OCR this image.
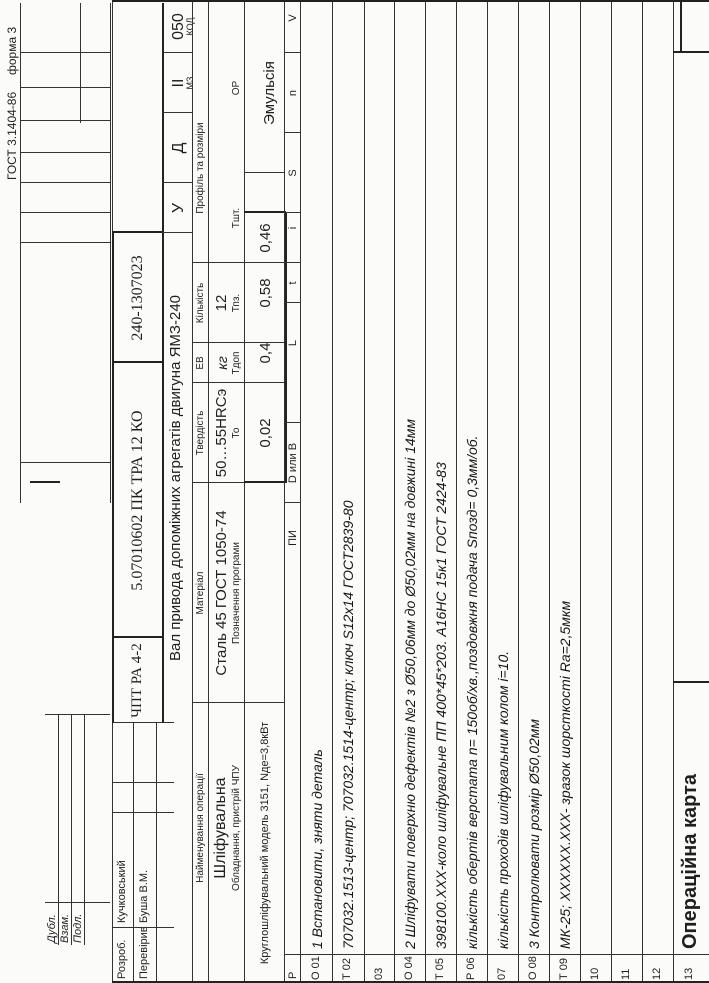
ГОСТ 3.1404-86
форма 3
Дубл. Взам. Подл.
Розроб.
Кучковський
Перевірив
Буша В.М.
5.07010602 ПК ТРА 12 КО
240-1307023
ЧПТ РА 4-2
Вал привода допоміжних агрегатів двигуна ЯМЗ-240
У
Д
II
050
МЗ
КОД
Найменування операції
Матеріал
Твердість
ЕВ
Кількість
Профіль та розміри
Шліфувальна
Сталь 45 ГОСТ 1050-74
50…55HRCэ
кг
12
Обладнання, пристрій ЧПУ
Позначення програми
То
Тдоп
Тпз.
Тшт.
ОР
Круглошліфувальний модель 3151, Nде=3,8кВт
0,02
0,4
0,58
0,46
Эмульсія
Р
ПИ
D или В
L
t
i
S
n
V
О 01
1 Встановити, зняти деталь
Т 02
707032.1513-центр; 707032.1514-центр; ключ S12х14 ГОСТ2839-80
03 О 04
2 Шліфувати поверхню дефектів №2 з Ø50,06мм до Ø50,02мм на довжині 14мм
Т 05
398100.ХХХ-коло шліфувальне ПП 400*45*203. А16НС 15к1 ГОСТ 2424-83
Р 06
кількість обертів верстата n= 150об/хв.,поздовжня подача Sпозд= 0,3мм/об.
07
кількість проходів шліфувальним колом i=10.
О 08
3 Контролювати розмір Ø50,02мм
Т 09
МК-25; ХХХХХХ.ХХХ- зразок шорсткості Ra=2,5мкм
10 11 12 13
Операційна карта
